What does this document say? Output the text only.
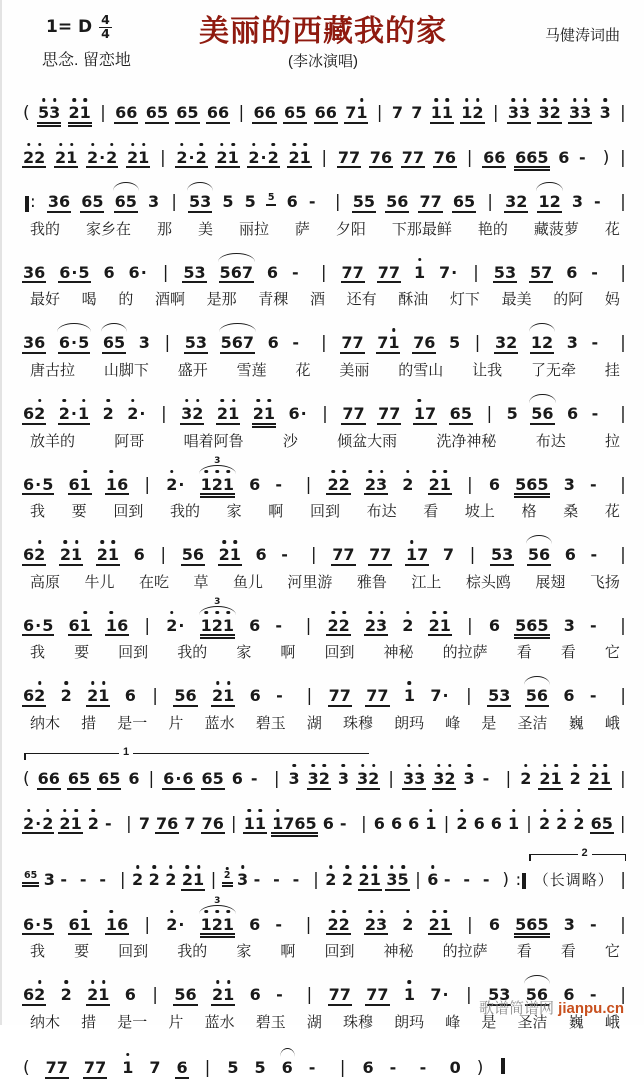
1= D 4
4
思念. 留恋地
美丽的西藏我的家
(李冰演唱)
马健涛词曲
( 5 3 2 1 | 6 6 6 5 6 5 6 6 | 6 6 6 5 6 6 7 1 | 7 7 1 1 1 2 | 3 3 3 2 3 3 3 |
2 2 2 1 2 · 2 2 1 | 2 · 2 2 1 2 · 2 2 1 | 7 7 7 6 7 7 7 6 | 6 6 6 6 5 6 -	) |
: 3 6 6 5 6 5 3 | 5 3 5 5 5 6 -	| 5 5 5 6 7 7 6 5 | 3 2 1 2 3 -	|
我的 家乡在 那 美 丽拉 萨 夕阳 下那最鲜 艳的 藏菠萝 花
3 6 6 · 5 6 6 · | 5 3 5 6 7 6 -	| 7 7 7 7 1 7 · | 5 3 5 7 6 -	|
最好 喝 的 酒啊 是那 青稞 酒 还有 酥油 灯下 最美 的阿 妈
3 6 6 · 5 6 5 3 | 5 3 5 6 7 6 -	| 7 7 7 1 7 6 5 | 3 2 1 2 3 -	|
唐古拉 山脚下 盛开 雪莲 花 美丽 的雪山 让我 了无牵 挂
6 2 2 · 1 2 2 · | 3 2 2 1 2 1 6 · | 7 7 7 7 1 7 6 5 | 5 5 6 6 -	|
放羊的	阿哥	唱着阿鲁	沙	倾盆大雨	洗净神秘	布达	拉
6 · 5 6 1 1 6 | 2 · 1 2 1
3
6 -	| 2 2 2 3 2 2 1 | 6 5 6 5 3 -	|
我 要 回到 我的 家 啊 回到 布达 看 坡上 格 桑 花
6 2 2 1 2 1 6 | 5 6 2 1 6 -	| 7 7 7 7 1 7 7 | 5 3 5 6 6 -	|
高原 牛儿 在吃 草 鱼儿 河里游 雅鲁 江上 棕头鸥 展翅 飞扬
6 · 5 6 1 1 6 | 2 · 1 2 1
3
6 -	| 2 2 2 3 2 2 1 | 6 5 6 5 3 -	|
我 要 回到 我的 家 啊 回到 神秘 的拉萨 看 看 它
6 2 2 2 1 6 | 5 6 2 1 6 -	| 7 7 7 7 1 7 · | 5 3 5 6 6 -	|
纳木 措 是一 片 蓝水 碧玉 湖 珠穆 朗玛 峰 是 圣洁 巍 峨
1
( 6 6 6 5 6 5 6 | 6 · 6 6 5 6 - | 3 3 2 3 3 2 | 3 3 3 2 3 - | 2 2 1 2 2 1 |
2 · 2 2 1 2 - | 7 7 6 7 7 6 | 1 1 1 7 6 5 6 - | 6 6 6 1 | 2 6 6 1 | 2 2 2 6 5 |
2
6 5 3 - - - | 2 2 2 2 1 | 2 3 - - - | 2 2 2 1 3 5 | 6 - - - ) : （长调略） |
6 · 5 6 1 1 6 | 2 · 1 2 1
3
6 -	| 2 2 2 3 2 2 1 | 6 5 6 5 3 -	|
我 要 回到 我的 家 啊 回到 神秘 的拉萨 看 看 它
6 2 2 2 1 6 | 5 6 2 1 6 -	| 7 7 7 7 1 7 · | 5 3 5 6 6 -	|
纳木 措 是一 片 蓝水 碧玉 湖 珠穆 朗玛 峰 是 圣洁 巍 峨
( 7 7 7 7 1 7 6 | 5 5 6 -	| 6 -	-	0 )
歌谱简谱网 jianpu.cn
